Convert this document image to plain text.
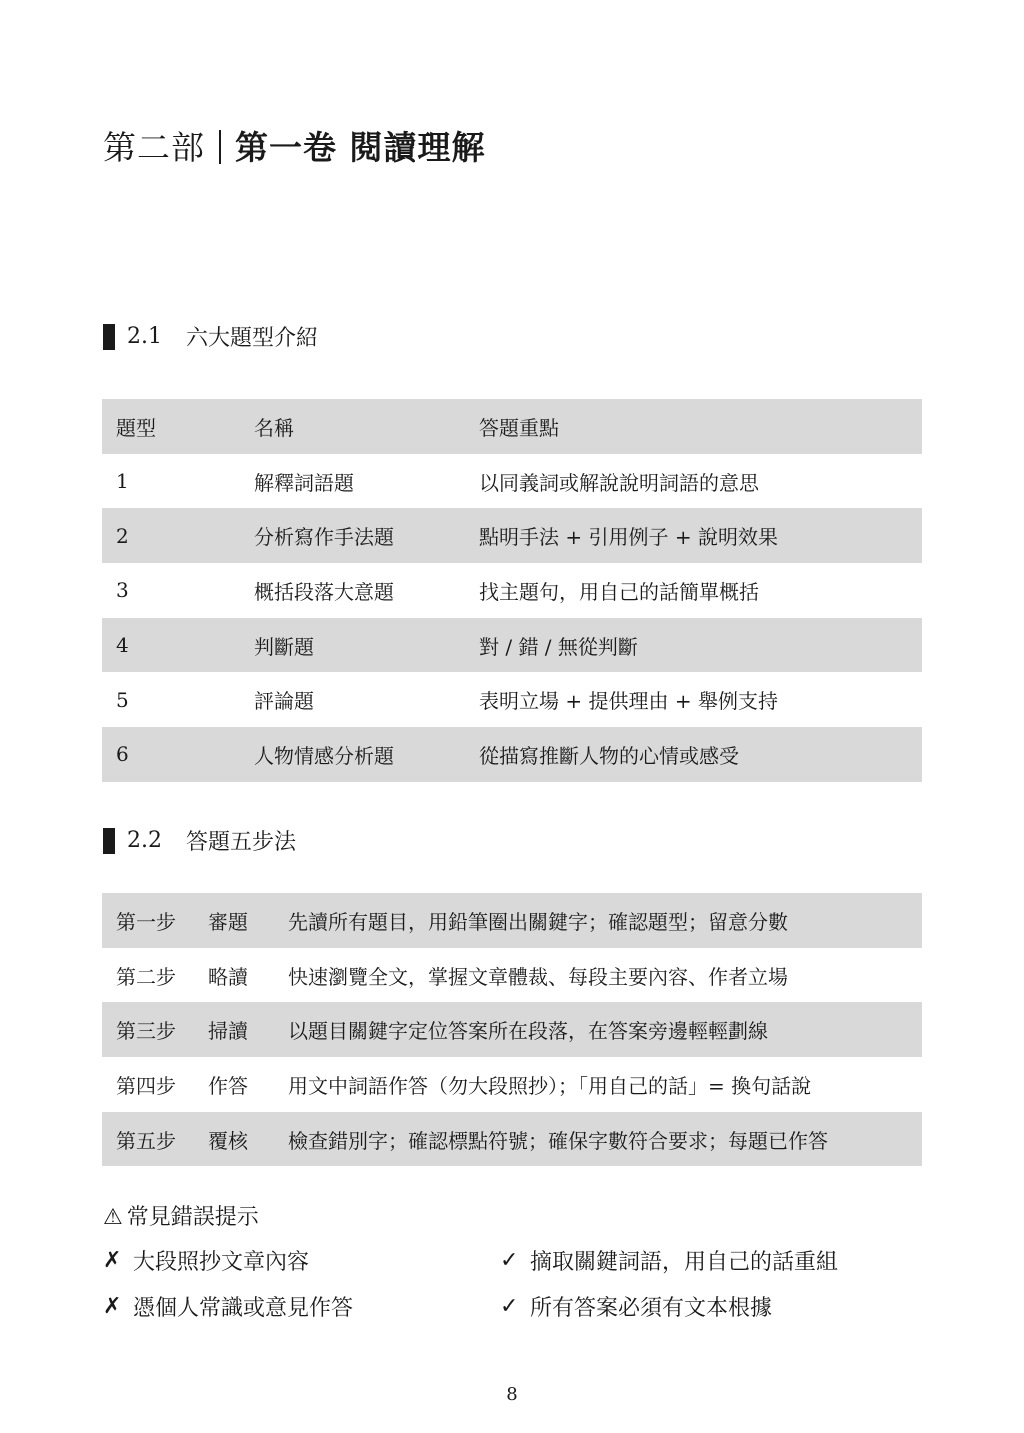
第二部 第一卷 閱讀理解
2.1 六大題型介紹
題型	名稱	答題重點
1	解釋詞語題	以同義詞或解說說明詞語的意思
2	分析寫作手法題	點明手法 + 引用例子 + 說明效果
3	概括段落大意題	找主題句，用自己的話簡單概括
4	判斷題	對 / 錯 / 無從判斷
5	評論題	表明立場 + 提供理由 + 舉例支持
6	人物情感分析題	從描寫推斷人物的心情或感受
2.2 答題五步法
第一步	審題	先讀所有題目，用鉛筆圈出關鍵字；確認題型；留意分數
第二步	略讀	快速瀏覽全文，掌握文章體裁、每段主要內容、作者立場
第三步	掃讀	以題目關鍵字定位答案所在段落，在答案旁邊輕輕劃線
第四步	作答	用文中詞語作答（勿大段照抄）；「用自己的話」= 換句話說
第五步	覆核	檢查錯別字；確認標點符號；確保字數符合要求；每題已作答
⚠ 常見錯誤提示
✗ 大段照抄文章內容
✗ 憑個人常識或意見作答
✓ 摘取關鍵詞語，用自己的話重組
✓ 所有答案必須有文本根據
8
